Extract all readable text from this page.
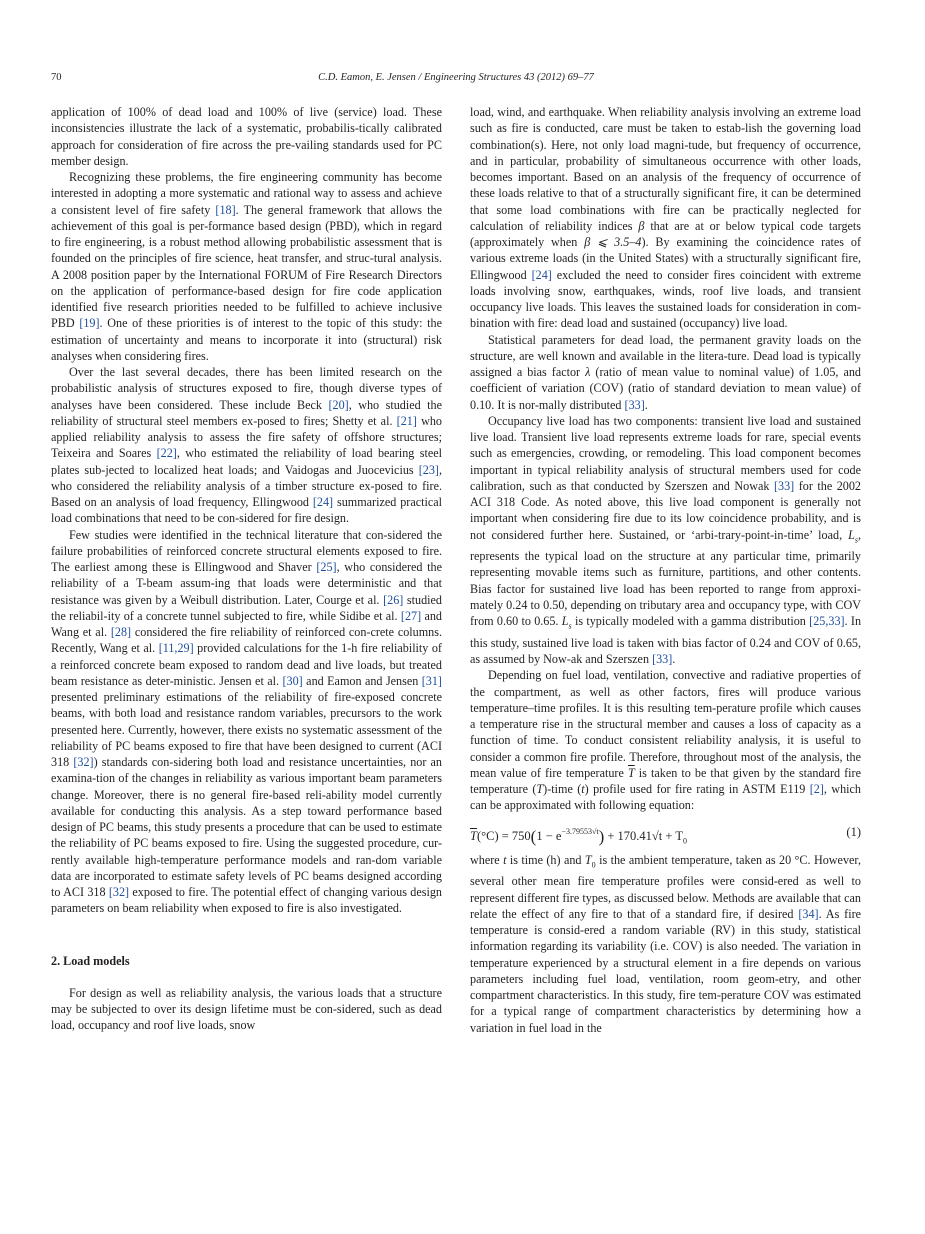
70	C.D. Eamon, E. Jensen / Engineering Structures 43 (2012) 69–77

application of 100% of dead load and 100% of live (service) load. These inconsistencies illustrate the lack of a systematic, probabilis-tically calibrated approach for consideration of fire across the pre-vailing standards used for PC member design.

Recognizing these problems, the fire engineering community has become interested in adopting a more systematic and rational way to assess and achieve a consistent level of fire safety [18]. The general framework that allows the achievement of this goal is per-formance based design (PBD), which in regard to fire engineering, is a robust method allowing probabilistic assessment that is founded on the principles of fire science, heat transfer, and struc-tural analysis. A 2008 position paper by the International FORUM of Fire Research Directors on the application of performance-based design for fire code application identified five research priorities needed to be fulfilled to achieve inclusive PBD [19]. One of these priorities is of interest to the topic of this study: the estimation of uncertainty and means to incorporate it into (structural) risk analyses when considering fires.

Over the last several decades, there has been limited research on the probabilistic analysis of structures exposed to fire, though diverse types of analyses have been considered. These include Beck [20], who studied the reliability of structural steel members ex-posed to fires; Shetty et al. [21] who applied reliability analysis to assess the fire safety of offshore structures; Teixeira and Soares [22], who estimated the reliability of load bearing steel plates sub-jected to localized heat loads; and Vaidogas and Juocevicius [23], who considered the reliability analysis of a timber structure ex-posed to fire. Based on an analysis of load frequency, Ellingwood [24] summarized practical load combinations that need to be con-sidered for fire design.

Few studies were identified in the technical literature that con-sidered the failure probabilities of reinforced concrete structural elements exposed to fire. The earliest among these is Ellingwood and Shaver [25], who considered the reliability of a T-beam assum-ing that loads were deterministic and that resistance was given by a Weibull distribution. Later, Courge et al. [26] studied the reliabil-ity of a concrete tunnel subjected to fire, while Sidibe et al. [27] and Wang et al. [28] considered the fire reliability of reinforced con-crete columns. Recently, Wang et al. [11,29] provided calculations for the 1-h fire reliability of a reinforced concrete beam exposed to random dead and live loads, but treated beam resistance as deter-ministic. Jensen et al. [30] and Eamon and Jensen [31] presented preliminary estimations of the reliability of fire-exposed concrete beams, with both load and resistance random variables, precursors to the work presented here. Currently, however, there exists no systematic assessment of the reliability of PC beams exposed to fire that have been designed to current (ACI 318 [32]) standards con-sidering both load and resistance uncertainties, nor an examina-tion of the changes in reliability as various important beam parameters change. Moreover, there is no general fire-based reli-ability model currently available for conducting this analysis. As a step toward performance based design of PC beams, this study presents a procedure that can be used to estimate the reliability of PC beams exposed to fire. Using the suggested procedure, cur-rently available high-temperature performance models and ran-dom variable data are incorporated to estimate safety levels of PC beams designed according to ACI 318 [32] exposed to fire. The potential effect of changing various design parameters on beam reliability when exposed to fire is also investigated.

2. Load models

For design as well as reliability analysis, the various loads that a structure may be subjected to over its design lifetime must be con-sidered, such as dead load, occupancy and roof live loads, snow

load, wind, and earthquake. When reliability analysis involving an extreme load such as fire is conducted, care must be taken to estab-lish the governing load combination(s). Here, not only load magni-tude, but frequency of occurrence, and in particular, probability of simultaneous occurrence with other loads, becomes important. Based on an analysis of the frequency of occurrence of these loads relative to that of a structurally significant fire, it can be determined that some load combinations with fire can be practically neglected for calculation of reliability indices β that are at or below typical code targets (approximately when β ⩽ 3.5–4). By examining the coincidence rates of various extreme loads (in the United States) with a structurally significant fire, Ellingwood [24] excluded the need to consider fires coincident with extreme loads involving snow, earthquakes, winds, roof live loads, and transient occupancy live loads. This leaves the sustained loads for consideration in com-bination with fire: dead load and sustained (occupancy) live load.

Statistical parameters for dead load, the permanent gravity loads on the structure, are well known and available in the litera-ture. Dead load is typically assigned a bias factor λ (ratio of mean value to nominal value) of 1.05, and coefficient of variation (COV) (ratio of standard deviation to mean value) of 0.10. It is nor-mally distributed [33].

Occupancy live load has two components: transient live load and sustained live load. Transient live load represents extreme loads for rare, special events such as emergencies, crowding, or remodeling. This load component becomes important in typical reliability analysis of structural members used for code calibration, such as that conducted by Szerszen and Nowak [33] for the 2002 ACI 318 Code. As noted above, this live load component is generally not important when considering fire due to its low coincidence probability, and is not considered further here. Sustained, or ‘arbi-trary-point-in-time’ load, $L_s$, represents the typical load on the structure at any particular time, primarily representing movable items such as furniture, partitions, and other contents. Bias factor for sustained live load has been reported to range from approxi-mately 0.24 to 0.50, depending on tributary area and occupancy type, with COV from 0.60 to 0.65. $L_s$ is typically modeled with a gamma distribution [25,33]. In this study, sustained live load is taken with bias factor of 0.24 and COV of 0.65, as assumed by Now-ak and Szerszen [33].

Depending on fuel load, ventilation, convective and radiative properties of the compartment, as well as other factors, fires will produce various temperature–time profiles. It is this resulting tem-perature profile which causes a temperature rise in the structural member and causes a loss of capacity as a function of time. To conduct consistent reliability analysis, it is useful to consider a common fire profile. Therefore, throughout most of the analysis, the mean value of fire temperature $\overline{T}$ is taken to be that given by the standard fire temperature (T)-time (t) profile used for fire rating in ASTM E119 [2], which can be approximated with following equation:

$\overline{T}(^\circ C) = 750(1 - e^{-3.79553√t}) + 170.41√t + T_0$
(1)

where t is time (h) and $T_0$ is the ambient temperature, taken as 20 °C. However, several other mean fire temperature profiles were consid-ered as well to represent different fire types, as discussed below. Methods are available that can relate the effect of any fire to that of a standard fire, if desired [34]. As fire temperature is consid-ered a random variable (RV) in this study, statistical information regarding its variability (i.e. COV) is also needed. The variation in temperature experienced by a structural element in a fire depends on various parameters including fuel load, ventilation, room geom-etry, and other compartment characteristics. In this study, fire tem-perature COV was estimated for a typical range of compartment characteristics by determining how a variation in fuel load in the
